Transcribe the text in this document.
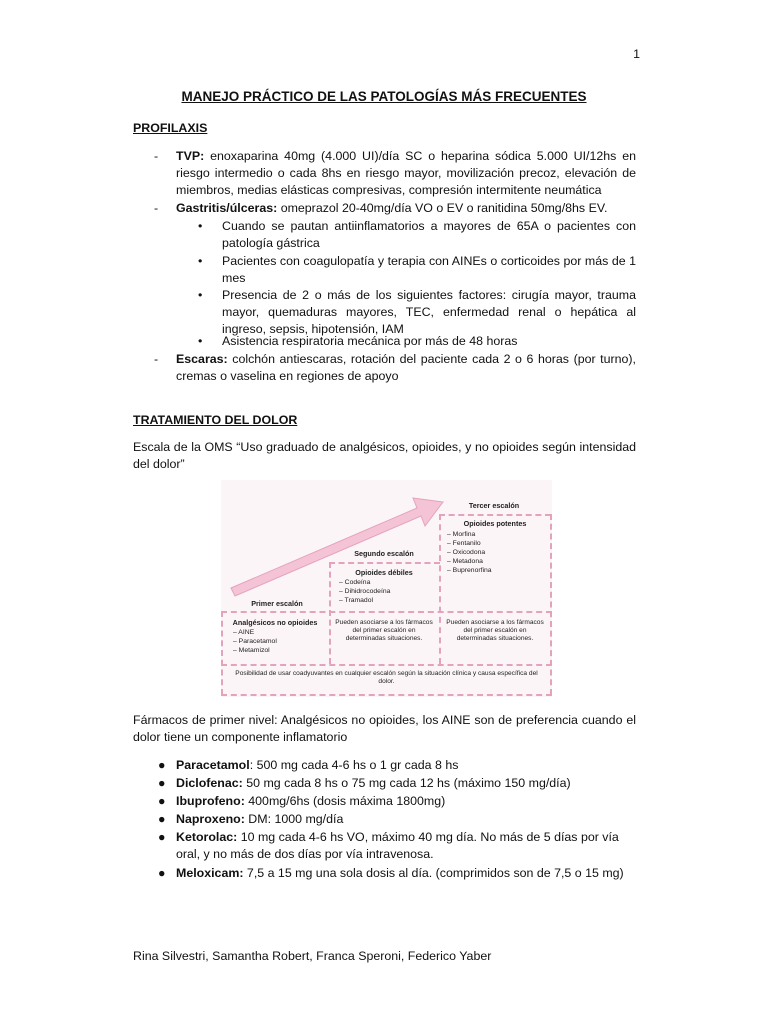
1
MANEJO PRÁCTICO DE LAS PATOLOGÍAS MÁS FRECUENTES
PROFILAXIS
-	TVP: enoxaparina 40mg (4.000 UI)/día SC o heparina sódica 5.000 UI/12hs en riesgo intermedio o cada 8hs en riesgo mayor, movilización precoz, elevación de miembros, medias elásticas compresivas, compresión intermitente neumática
-	Gastritis/úlceras: omeprazol 20-40mg/día VO o EV o ranitidina 50mg/8hs EV.
• Cuando se pautan antiinflamatorios a mayores de 65A o pacientes con patología gástrica
• Pacientes con coagulopatía y terapia con AINEs o corticoides por más de 1 mes
• Presencia de 2 o más de los siguientes factores: cirugía mayor, trauma mayor, quemaduras mayores, TEC, enfermedad renal o hepática al ingreso, sepsis, hipotensión, IAM
• Asistencia respiratoria mecánica por más de 48 horas
-	Escaras: colchón antiescaras, rotación del paciente cada 2 o 6 horas (por turno), cremas o vaselina en regiones de apoyo
TRATAMIENTO DEL DOLOR
Escala de la OMS “Uso graduado de analgésicos, opioides, y no opioides según intensidad del dolor”
Primer escalón
Analgésicos no opioides
– AINE
– Paracetamol
– Metamizol
Segundo escalón
Opioides débiles
– Codeína
– Dihidrocodeína
– Tramadol
Pueden asociarse a los fármacos del primer escalón en determinadas situaciones.
Tercer escalón
Opioides potentes
– Morfina
– Fentanilo
– Oxicodona
– Metadona
– Buprenorfina
Pueden asociarse a los fármacos del primer escalón en determinadas situaciones.
Posibilidad de usar coadyuvantes en cualquier escalón según la situación clínica y causa específica del dolor.
Fármacos de primer nivel: Analgésicos no opioides, los AINE son de preferencia cuando el dolor tiene un componente inflamatorio
● Paracetamol: 500 mg cada 4-6 hs o 1 gr cada 8 hs
● Diclofenac: 50 mg cada 8 hs o 75 mg cada 12 hs (máximo 150 mg/día)
● Ibuprofeno: 400mg/6hs (dosis máxima 1800mg)
● Naproxeno: DM: 1000 mg/día
● Ketorolac: 10 mg cada 4-6 hs VO, máximo 40 mg día. No más de 5 días por vía oral, y no más de dos días por vía intravenosa.
● Meloxicam: 7,5 a 15 mg una sola dosis al día. (comprimidos son de 7,5 o 15 mg)
Rina Silvestri, Samantha Robert, Franca Speroni, Federico Yaber
